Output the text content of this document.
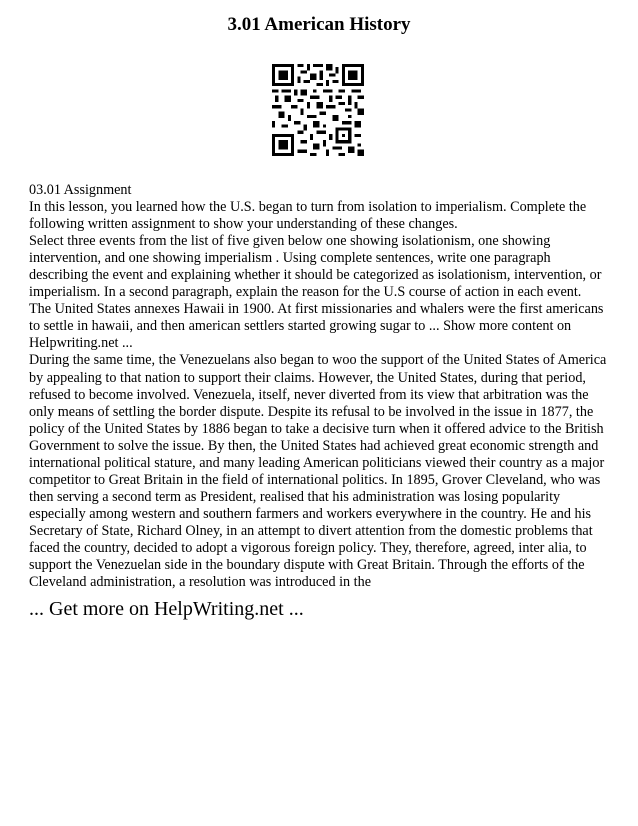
3.01 American History

03.01 Assignment

In this lesson, you learned how the U.S. began to turn from isolation to imperialism. Complete the following written assignment to show your understanding of these changes.

Select three events from the list of five given below one showing isolationism, one showing intervention, and one showing imperialism . Using complete sentences, write one paragraph describing the event and explaining whether it should be categorized as isolationism, intervention, or imperialism. In a second paragraph, explain the reason for the U.S course of action in each event.

The United States annexes Hawaii in 1900. At first missionaries and whalers were the first americans to settle in hawaii, and then american settlers started growing sugar to ... Show more content on Helpwriting.net ...

During the same time, the Venezuelans also began to woo the support of the United States of America by appealing to that nation to support their claims. However, the United States, during that period, refused to become involved. Venezuela, itself, never diverted from its view that arbitration was the only means of settling the border dispute. Despite its refusal to be involved in the issue in 1877, the policy of the United States by 1886 began to take a decisive turn when it offered advice to the British Government to solve the issue. By then, the United States had achieved great economic strength and international political stature, and many leading American politicians viewed their country as a major competitor to Great Britain in the field of international politics. In 1895, Grover Cleveland, who was then serving a second term as President, realised that his administration was losing popularity especially among western and southern farmers and workers everywhere in the country. He and his Secretary of State, Richard Olney, in an attempt to divert attention from the domestic problems that faced the country, decided to adopt a vigorous foreign policy. They, therefore, agreed, inter alia, to support the Venezuelan side in the boundary dispute with Great Britain. Through the efforts of the Cleveland administration, a resolution was introduced in the

... Get more on HelpWriting.net ...
